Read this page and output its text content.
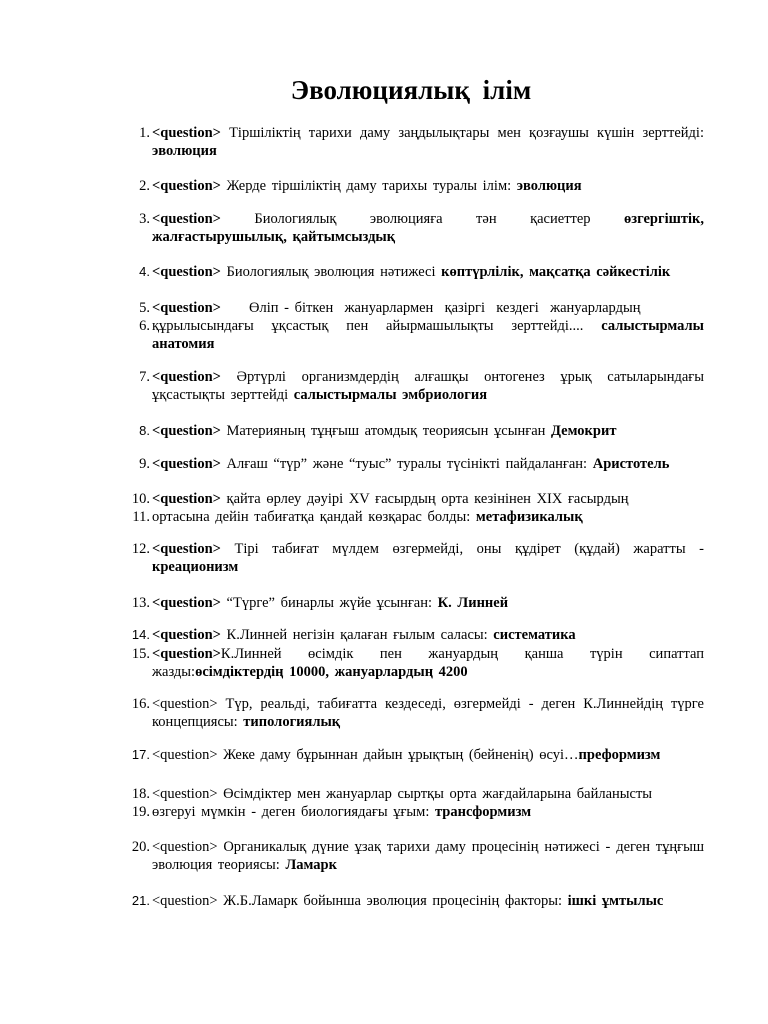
Эволюциялық ілім
1. <question> Тіршіліктің тарихи даму заңдылықтары мен қозғаушы күшін зерттейді: эволюция
2. <question> Жерде тіршіліктің даму тарихы туралы ілім: эволюция
3. <question> Биологиялық эволюцияға тән қасиеттер өзгергіштік, жалғастырушылық, қайтымсыздық
4. <question> Биологиялық эволюция нәтижесі көптүрлілік, мақсатқа сәйкестілік
5.
6.
<question>     Өліп - біткен  жануарлармен  қазіргі  кездегі  жануарлардың
құрылысындағы ұқсастық пен айырмашылықты зерттейді.... салыстырмалы анатомия
7. <question> Әртүрлі организмдердің алғашқы онтогенез ұрық сатыларындағы ұқсастықты зерттейді салыстырмалы эмбриология
8. <question> Материяның тұңғыш атомдық теориясын ұсынған Демокрит
9. <question> Алғаш “түр” және “туыс” туралы түсінікті пайдаланған: Аристотель
10.
11.
<question> қайта өрлеу дәуірі XV ғасырдың орта кезінінен XIX ғасырдың
ортасына дейін табиғатқа қандай көзқарас болды: метафизикалық
12. <question> Тірі табиғат мүлдем өзгермейді, оны құдірет (құдай) жаратты - креационизм
13. <question> “Түрге” бинарлы жүйе ұсынған: К. Линней
14. <question> К.Линней негізін қалаған ғылым саласы: систематика
15. <question>К.Линней өсімдік пен жануардың қанша түрін сипаттап жазды:өсімдіктердің 10000, жануарлардың 4200
16. <question> Түр, реальді, табиғатта кездеседі, өзгермейді - деген К.Линнейдің түрге концепциясы: типологиялық
17. <question> Жеке даму бұрыннан дайын ұрықтың (бейненің) өсуі…преформизм
18.
19.
<question> Өсімдіктер мен жануарлар сыртқы орта жағдайларына байланысты
өзгеруі мүмкін - деген биологиядағы ұғым: трансформизм
20. <question> Органикалық дүние ұзақ тарихи даму процесінің нәтижесі - деген тұңғыш эволюция теориясы: Ламарк
21. <question> Ж.Б.Ламарк бойынша эволюция процесінің факторы: ішкі ұмтылыс
